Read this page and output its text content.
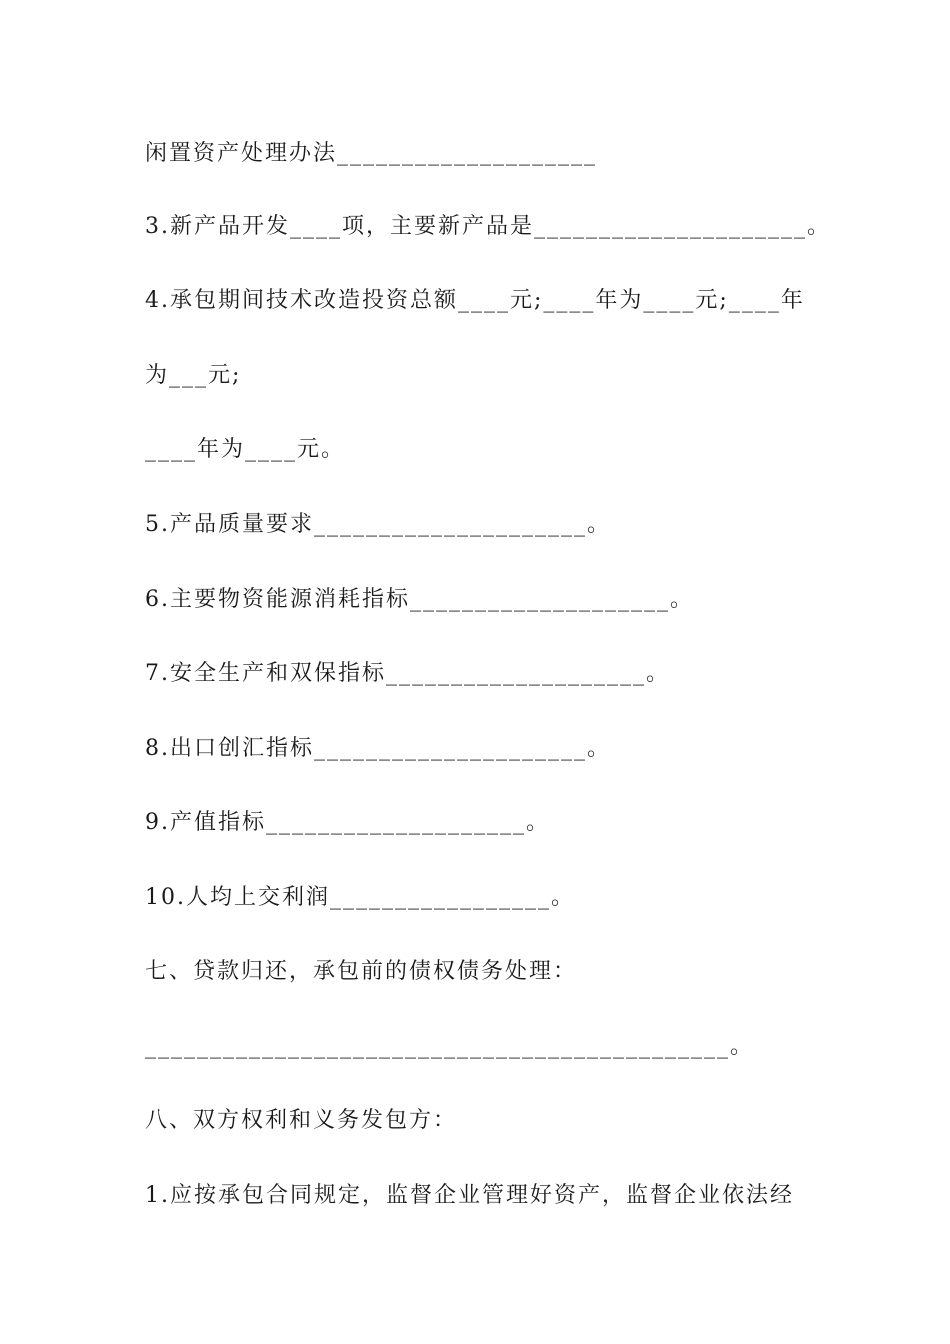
闲置资产处理办法____________________
3.新产品开发____项，主要新产品是_____________________。
4.承包期间技术改造投资总额____元;____年为____元;____年
为___元;
____年为____元。
5.产品质量要求_____________________。
6.主要物资能源消耗指标____________________。
7.安全生产和双保指标____________________。
8.出口创汇指标_____________________。
9.产值指标____________________。
10.人均上交利润_________________。
七、贷款归还，承包前的债权债务处理：
_____________________________________________。
八、双方权利和义务发包方：
1.应按承包合同规定，监督企业管理好资产，监督企业依法经
